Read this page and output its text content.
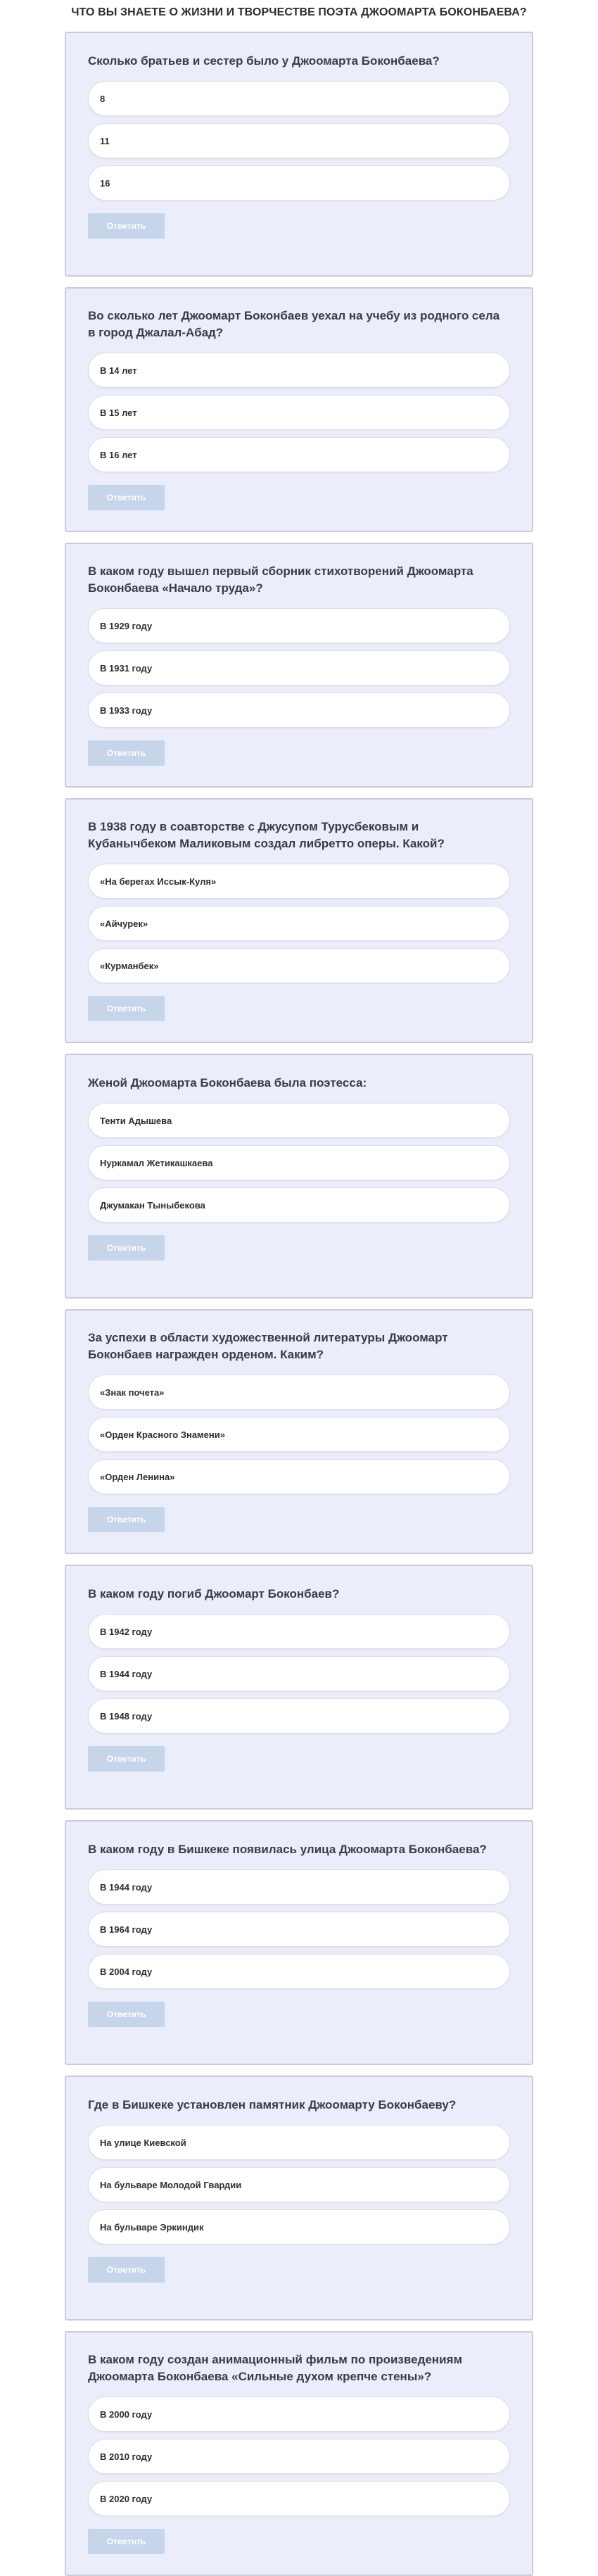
ЧТО ВЫ ЗНАЕТЕ О ЖИЗНИ И ТВОРЧЕСТВЕ ПОЭТА ДЖООМАРТА БОКОНБАЕВА?

Сколько братьев и сестер было у Джоомарта Боконбаева?

8
11
16
Ответить

Во сколько лет Джоомарт Боконбаев уехал на учебу из родного села в город Джалал-Абад?

В 14 лет
В 15 лет
В 16 лет
Ответить

В каком году вышел первый сборник стихотворений Джоомарта Боконбаева «Начало труда»?

В 1929 году
В 1931 году
В 1933 году
Ответить

В 1938 году в соавторстве с Джусупом Турусбековым и Кубанычбеком Маликовым создал либретто оперы. Какой?

«На берегах Иссык-Куля»
«Айчурек»
«Курманбек»
Ответить

Женой Джоомарта Боконбаева была поэтесса:

Тенти Адышева
Нуркамал Жетикашкаева
Джумакан Тыныбекова
Ответить

За успехи в области художественной литературы Джоомарт Боконбаев награжден орденом. Каким?

«Знак почета»
«Орден Красного Знамени»
«Орден Ленина»
Ответить

В каком году погиб Джоомарт Боконбаев?

В 1942 году
В 1944 году
В 1948 году
Ответить

В каком году в Бишкеке появилась улица Джоомарта Боконбаева?

В 1944 году
В 1964 году
В 2004 году
Ответить

Где в Бишкеке установлен памятник Джоомарту Боконбаеву?

На улице Киевской
На бульваре Молодой Гвардии
На бульваре Эркиндик
Ответить

В каком году создан анимационный фильм по произведениям Джоомарта Боконбаева «Сильные духом крепче стены»?

В 2000 году
В 2010 году
В 2020 году
Ответить
